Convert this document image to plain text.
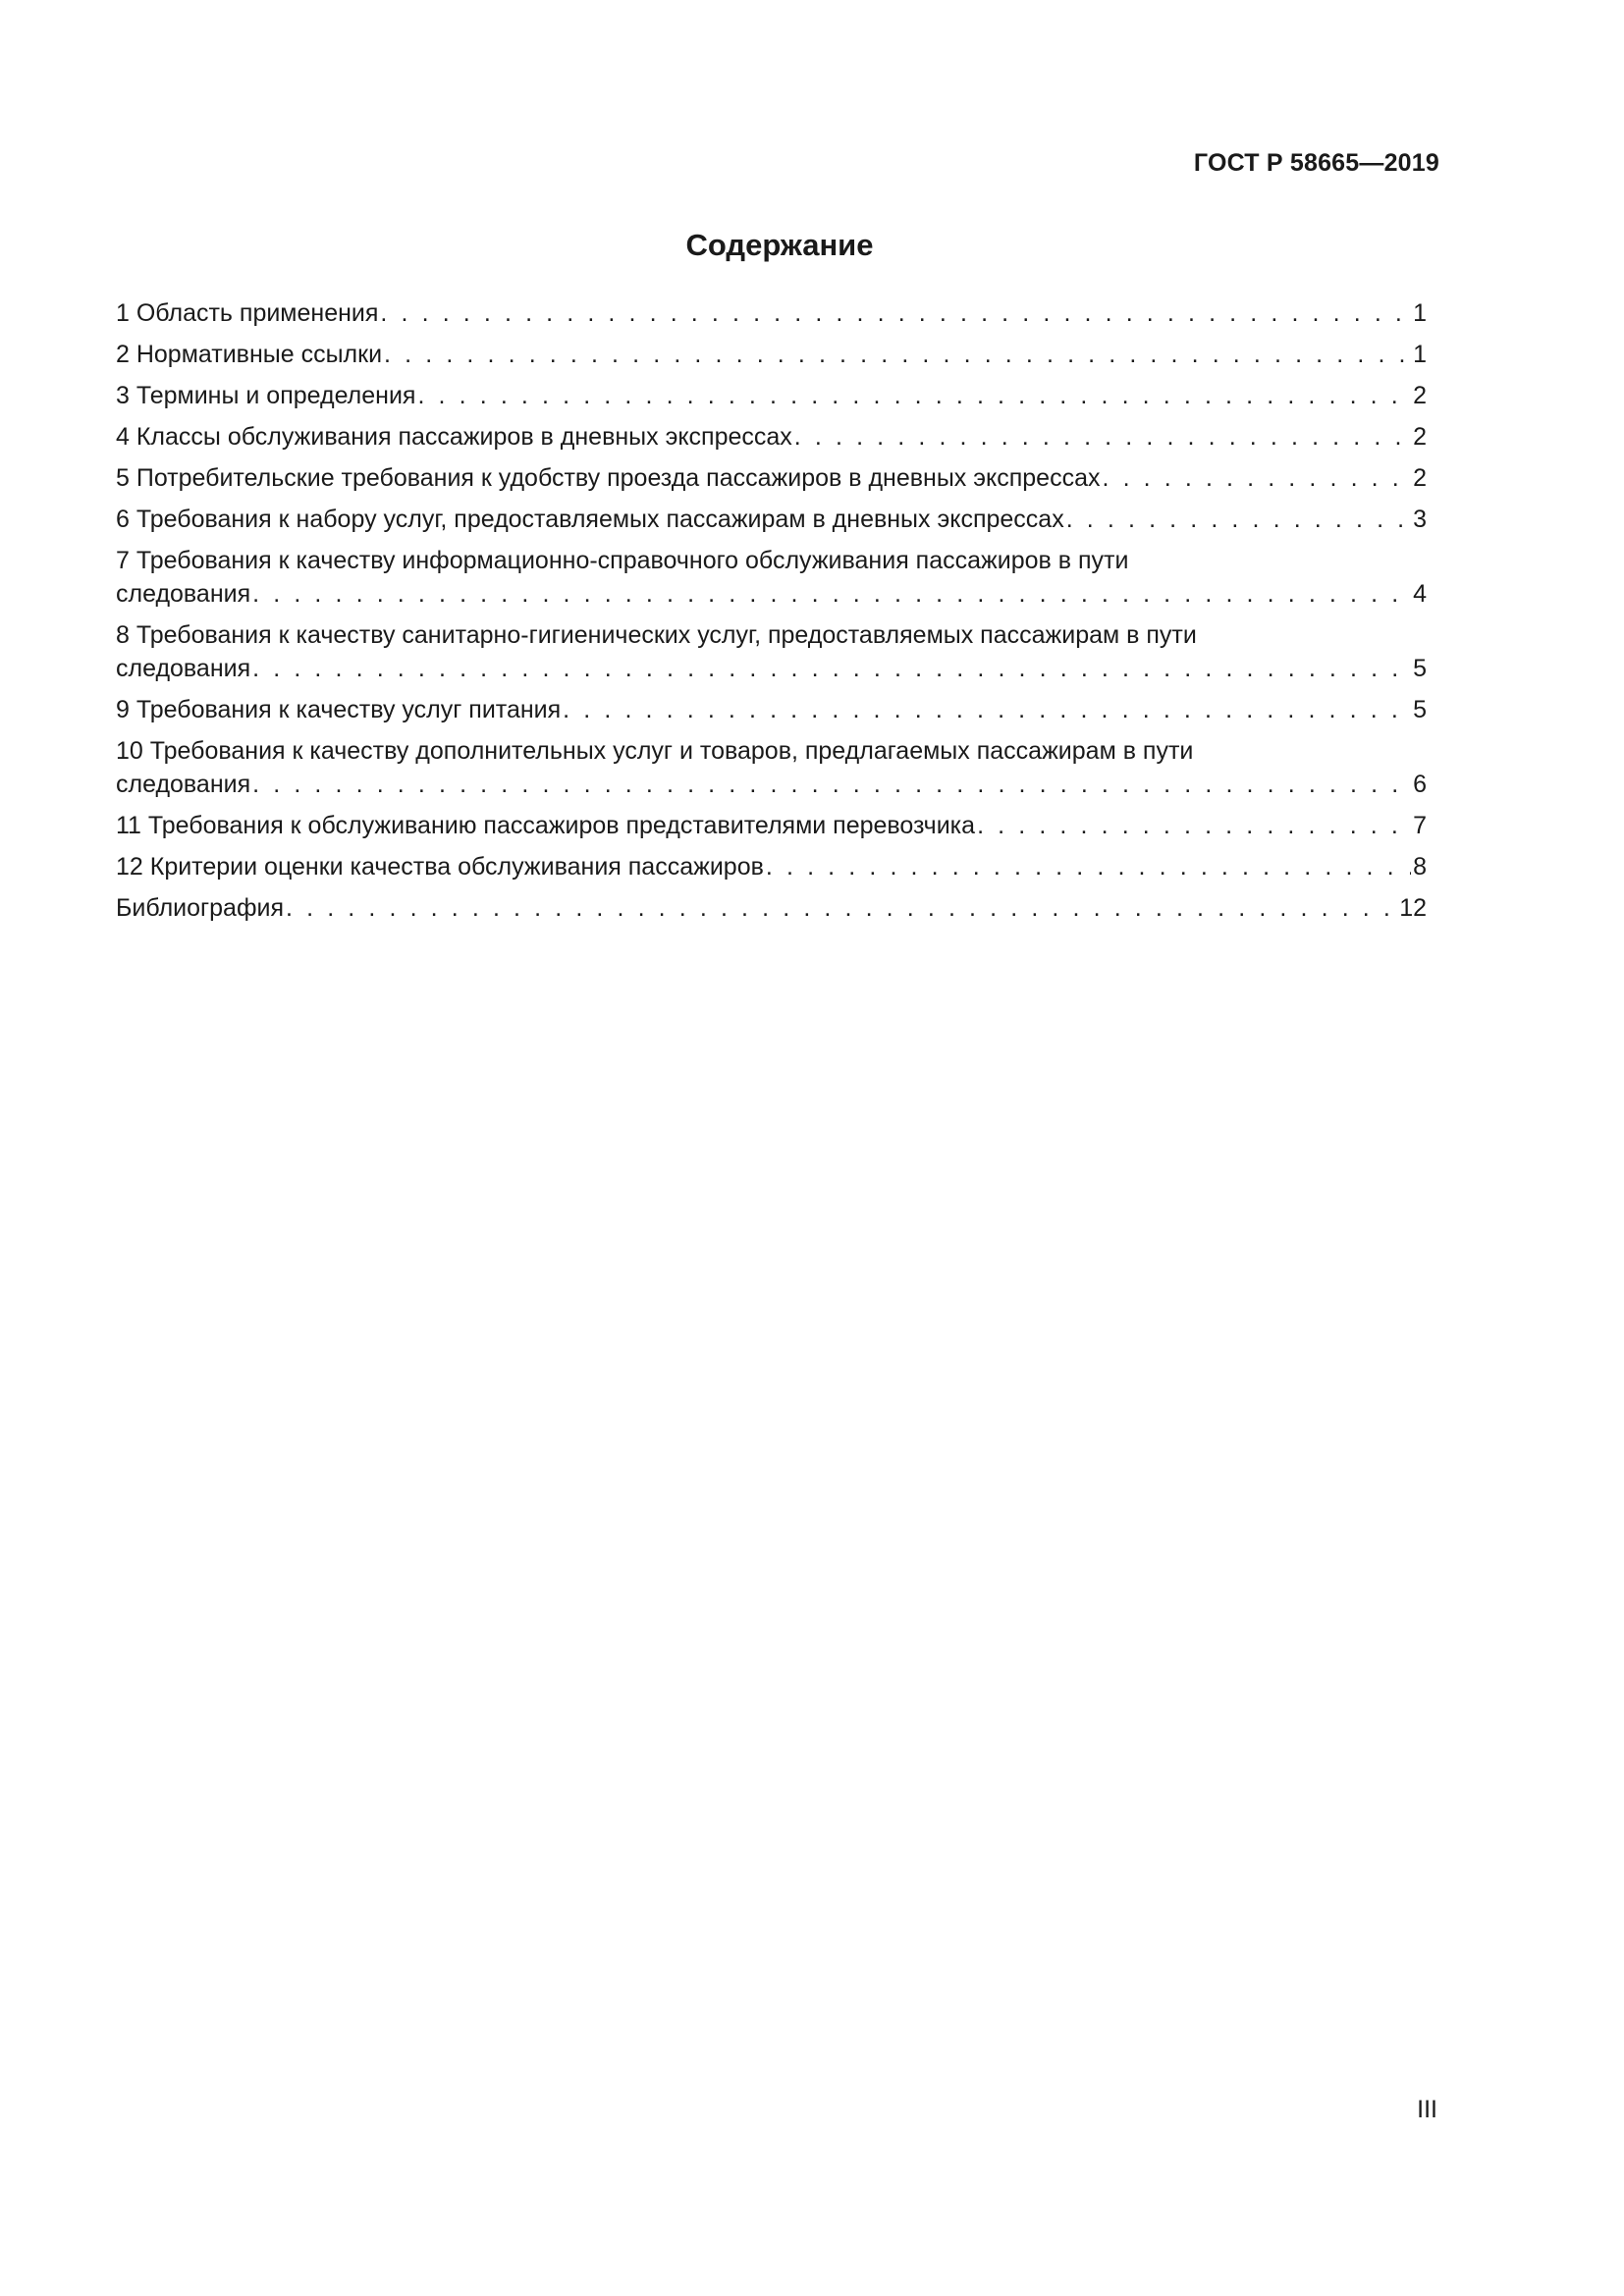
ГОСТ Р 58665—2019
Содержание
1 Область применения . . .	1
2 Нормативные ссылки . . .	1
3 Термины и определения . . .	2
4 Классы обслуживания пассажиров в дневных экспрессах . . .	2
5 Потребительские требования к удобству проезда пассажиров в дневных экспрессах . . .	2
6 Требования к набору услуг, предоставляемых пассажирам в дневных экспрессах . . .	3
7 Требования к качеству информационно-справочного обслуживания пассажиров в пути
следования . . .	4
8 Требования к качеству санитарно-гигиенических услуг, предоставляемых пассажирам в пути
следования . . .	5
9 Требования к качеству услуг питания . . .	5
10 Требования к качеству дополнительных услуг и товаров, предлагаемых пассажирам в пути
следования . . .	6
11 Требования к обслуживанию пассажиров представителями перевозчика . . .	7
12 Критерии оценки качества обслуживания пассажиров . . .	8
Библиография . . .	12
III
